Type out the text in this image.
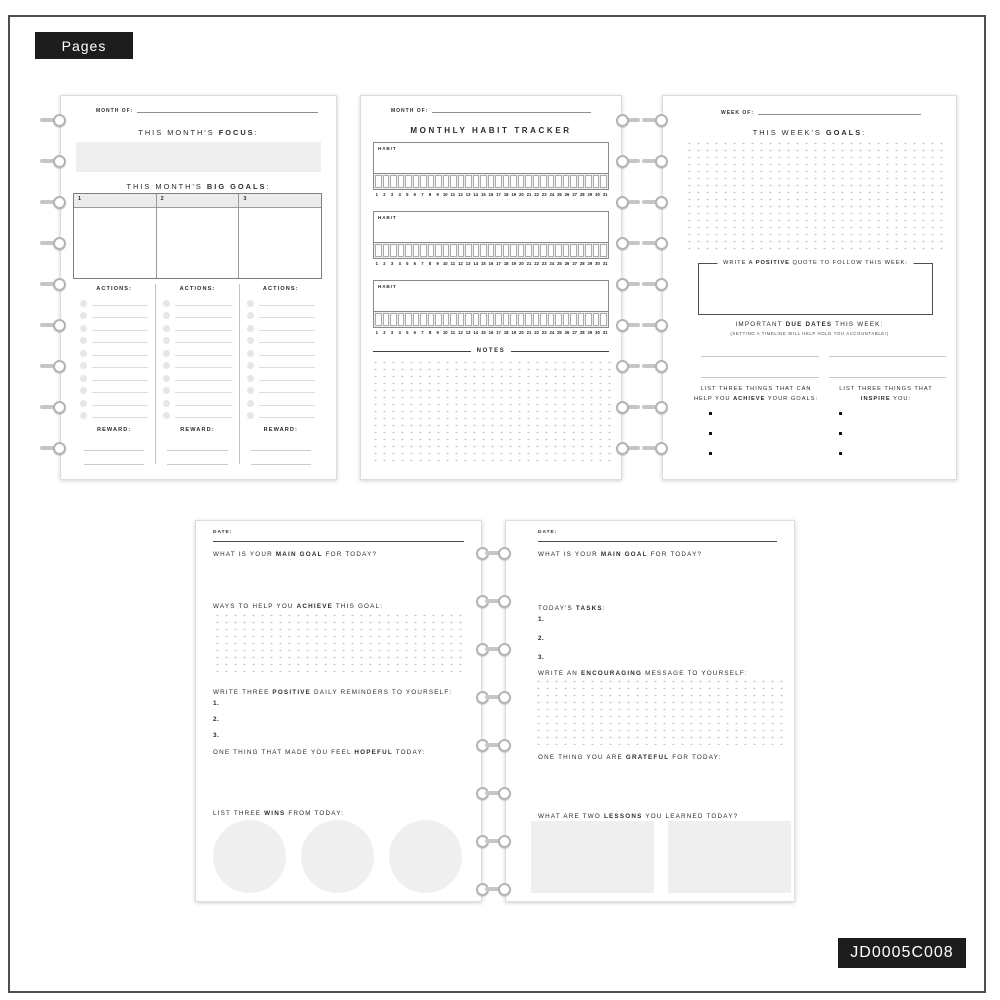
Pages
JD0005C008
MONTH OF:
THIS MONTH'S FOCUS:
THIS MONTH'S BIG GOALS:
1	2	3
ACTIONS:
REWARD:
ACTIONS:
REWARD:
ACTIONS:
REWARD:
MONTH OF:
MONTHLY HABIT TRACKER
HABIT
1	2	3	4	5	6	7	8	9 10 11 12 13 14 15 16 17 18 19 20 21 22 23 24 25 26 27 28 29 30 31
HABIT
1	2	3	4	5	6	7	8	9 10 11 12 13 14 15 16 17 18 19 20 21 22 23 24 25 26 27 28 29 30 31
HABIT
1	2	3	4	5	6	7	8	9 10 11 12 13 14 15 16 17 18 19 20 21 22 23 24 25 26 27 28 29 30 31
NOTES
WEEK OF:
THIS WEEK'S GOALS:
WRITE A POSITIVE QUOTE TO FOLLOW THIS WEEK:
IMPORTANT DUE DATES THIS WEEK:
(SETTING A TIMELINE WILL HELP HOLD YOU ACCOUNTABLE!)
LIST THREE THINGS THAT CAN
HELP YOU ACHIEVE YOUR GOALS:
LIST THREE THINGS THAT
INSPIRE YOU:
DATE:
WHAT IS YOUR MAIN GOAL FOR TODAY?
WAYS TO HELP YOU ACHIEVE THIS GOAL:
WRITE THREE POSITIVE DAILY REMINDERS TO YOURSELF:
1.
2.
3.
ONE THING THAT MADE YOU FEEL HOPEFUL TODAY:
LIST THREE WINS FROM TODAY:
DATE:
WHAT IS YOUR MAIN GOAL FOR TODAY?
TODAY'S TASKS:
1.
2.
3.
WRITE AN ENCOURAGING MESSAGE TO YOURSELF:
ONE THING YOU ARE GRATEFUL FOR TODAY:
WHAT ARE TWO LESSONS YOU LEARNED TODAY?
